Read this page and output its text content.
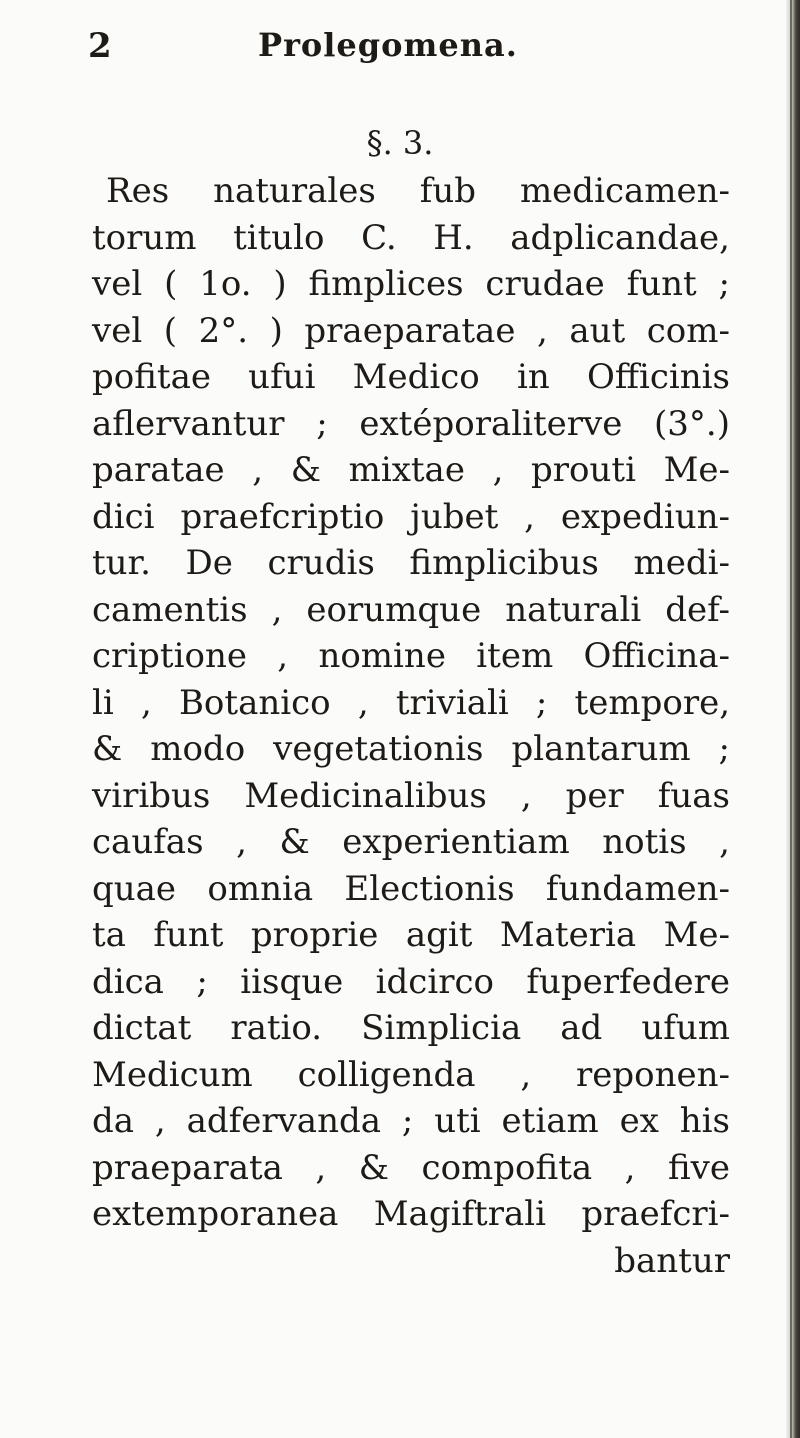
2	Prolegomena.
§. 3.
Res naturales fub medicamen-
torum titulo C. H. adplicandae,
vel ( 1o. ) fimplices crudae funt ;
vel ( 2°. ) praeparatae , aut com-
pofitae ufui Medico in Officinis
aflervantur ; extéporaliterve (3°.)
paratae , & mixtae , prouti Me-
dici praefcriptio jubet , expediun-
tur. De crudis fimplicibus medi-
camentis , eorumque naturali def-
criptione , nomine item Officina-
li , Botanico , triviali ; tempore,
& modo vegetationis plantarum ;
viribus Medicinalibus , per fuas
caufas , & experientiam notis ,
quae omnia Electionis fundamen-
ta funt proprie agit Materia Me-
dica ; iisque idcirco fuperfedere
dictat ratio. Simplicia ad ufum
Medicum colligenda , reponen-
da , adfervanda ; uti etiam ex his
praeparata , & compofita , five
extemporanea Magiftrali praefcri-
bantur
